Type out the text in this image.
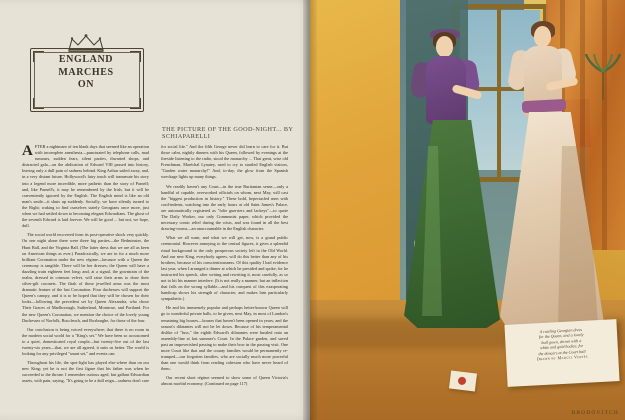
ENGLAND
MARCHES
ON
THE PICTURE OF THE GOOD-NIGHT... BY SCHIAPARELLI

AFTER a nightmare of ten blank days that seemed like an operation with incomplete anesthesia—punctuated by telephone calls, mad rumours, sudden fears, silent parties, thwarted shops, and distracted gala—on the abdication of Edward VIII passed into history, leaving only a dull pain of sadness behind. King Arthur sailed away, and, in a very distant future, Hollywood's fairy touch will transmute his story into a legend more incredible, more pathetic than the story of Parnell; and, like Parnell's, it may be remembered by the Irish, but it will be conveniently ignored by the English. The English mind is like an old man's smile—it shuts up suddenly. Socially, we have silently turned to the Right; waking to find ourselves stately Georgians once more, just when we had settled down to becoming elegant Edwardians. The ghost of the seventh Edward is laid forever. We will be good ... but not, we hope, dull.

The social world recovered from its post-operative shock very quickly. On one night alone there were three big parties—the Bedminster, the Hunt Ball, and the Virginia Ball. (The latter dress that we are all as keen on American things as ever.) Paradoxically, we are in for a much more brilliant Coronation under the new régime—because with a Queen the ceremony is tangible. There will be her dresses; the Queen will have a dazzling train eighteen feet long; and, at a signal, the gowntrain of the realm, dressed in crimson velvet, will raise their arms to draw their silver-gilt coronets. The flash of those jewelled arms was the most dramatic feature of the last Coronation. Four duchesses will support the Queen's canopy, and it is to be hoped that they will be chosen for their looks—following the precedent set by Queen Alexandra, who chose Their Graces of Marlborough, Sutherland, Montrose, and Portland. For the new Queen's Coronation, we mention the choice of the lovely young Duchesses of Norfolk, Buccleuch, and Roxburghe, for those of the four.

Our conclusion is being voiced everywhere; that there is no room in the modern social world for a "King's set." We have been so accustomed to a quiet, domesticated royal couple—but twenty-five out of the last twenty-six years—that, we are all agreed, it suits us better. The world is looking for any privileged "smart set," and events can.

Throughout his life, the spot-light has played else-where than on our new King; yet he is not the first figure that his father was when he succeeded to the throne. I remember curious aged, but gallant Edwardian assets, with pain, saying, "It's going to be a dull reign—sadness don't care for social life." And the fifth George never did learn to care for it. But those calm, nightly dinners with his Queen, followed by evenings at the fireside listening to the radio, stood the monarchy ... That great, wise old Frenchman, Maréchal Lyautey, used to cry to startled English visitors, "Garden water monarchy!" And, to-day, the glow from the Spanish wreckage lights up many things.

We readily haven't any Court—in the true Ruritanian sense—only a handful of capable, overworked officials on whom, next May, will cast the "biggest production in history." These bold, bepectacled men with cord-indents, watching into the early hours at old Saint James's Palace, are automatically registered as "folie guerriers and lackeys"—to quote The Daily Worker, our only Communist paper, which provided the necessary comic relief during the crisis, and was found in all the best drawing-rooms—an unaccountable in the English character.

What we all want, and what we will get, now, is a grand public ceremonial. However annoying to the central figures, it gives a splendid ritual background to the only prosperous society left in the Old World. And our new King, everybody agrees, will do this better than any of his brothers, because of his conscientiousness. Of this quality I had evidence last year, when I arranged a dinner at which he presided and spoke; for he instructed his speech, after writing and rewriting it, most carefully, as so not to hit his manner interfere. (It is not really a manner, but an inflection that falls on the wrong syllable—and his conquest of this exasperating handicap shows his strength of character, and makes him particularly sympathetic.)

He and his immensely popular and perhaps better-known Queen will go to wonderful private balls, to be given, next May, in most of London's remaining big houses—houses that haven't been opened in years; and the season's dilatantes will not be let down. Because of his temperamental dislike of "fuss," the eighth Edward's dilatantes were bustled onto an assembly-line at last summer's Court. In the Palace garden, and saved past an impoverished passing to make their bow in the passing visit. One more Court like that and the county families would be permanently re-trumped—our forgotten families, who are socially much more powerful than one would think from reading cohesion who have never heard of them.

Our recent short régime seemed to show some of Queen Victoria's almost morbid economy. (Continued on page 117)

A rustling Georgian dress
for the Queen, and a lovely
ball gown, shown with a
white and gold bodice, for
the dancers at the Court ball
Drawn by Marcel Vertès
BRODOVITCH
